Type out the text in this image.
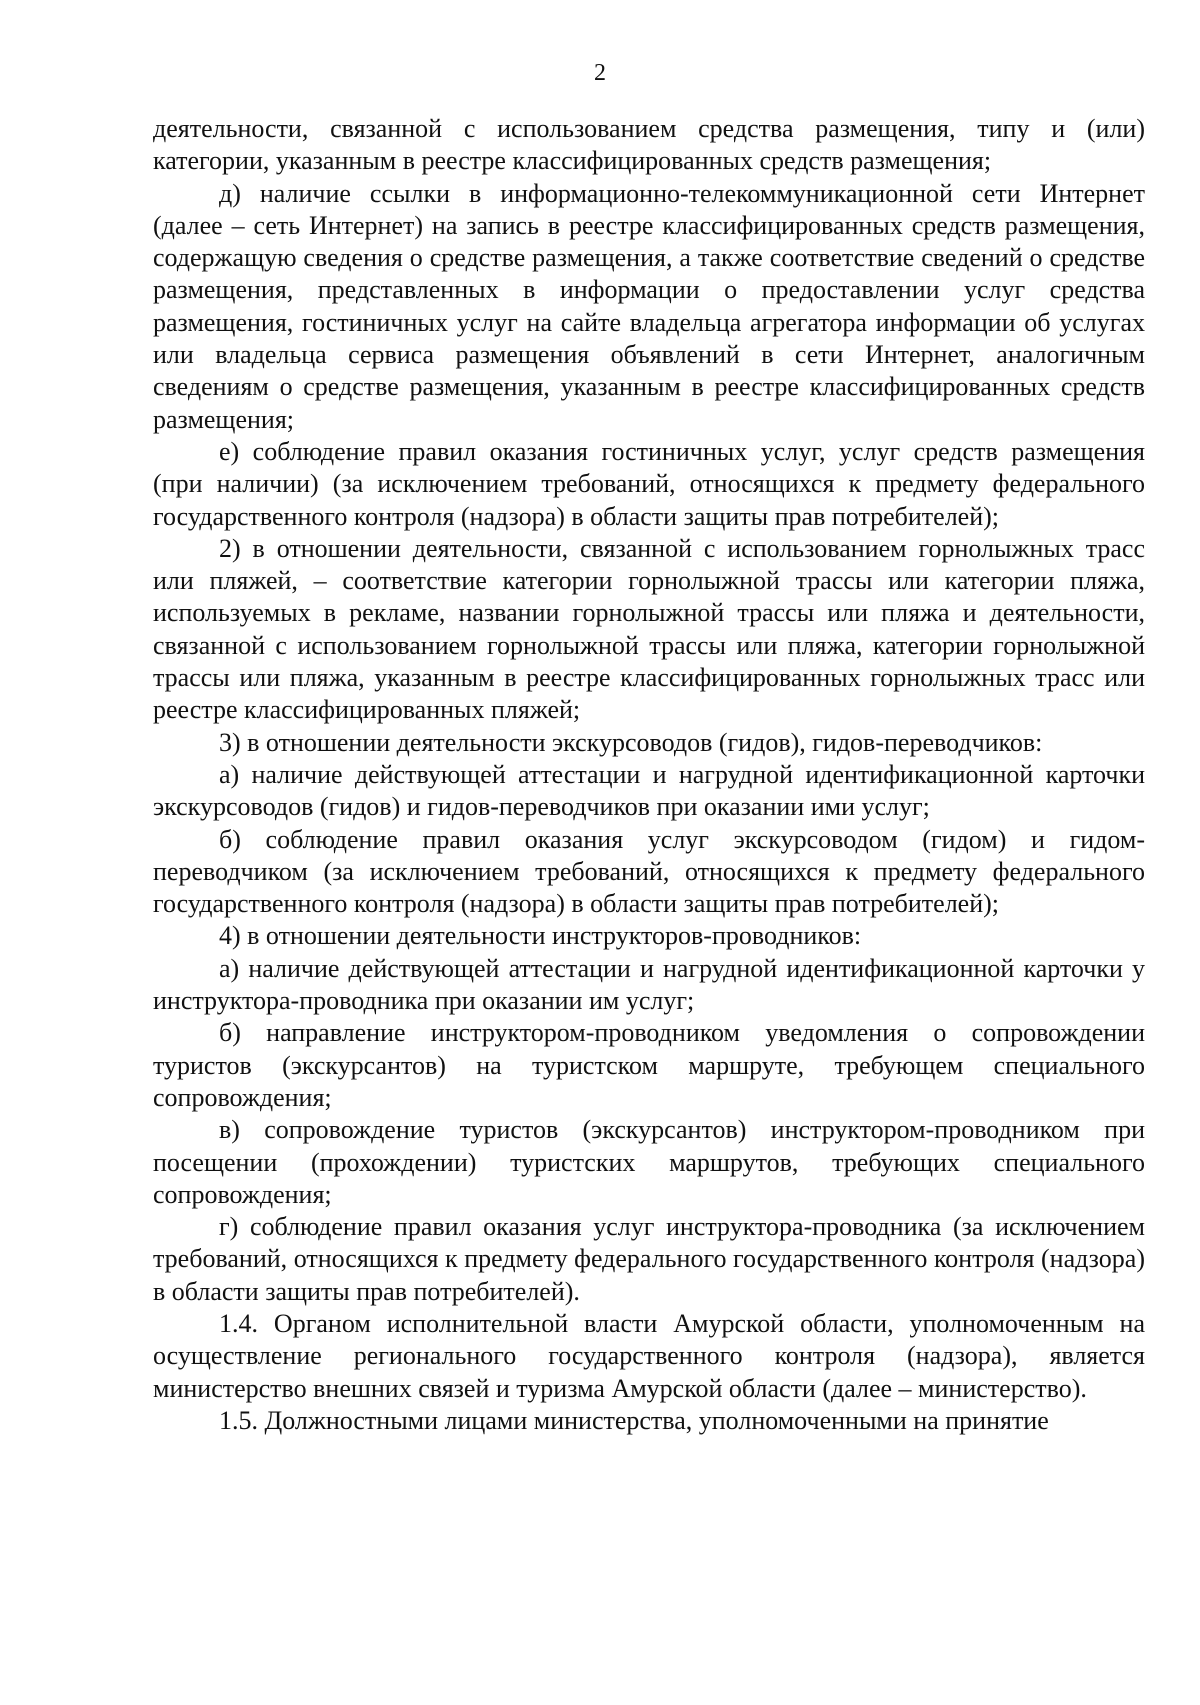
2

деятельности, связанной с использованием средства размещения, типу и (или) категории, указанным в реестре классифицированных средств размещения;

д) наличие ссылки в информационно-телекоммуникационной сети Интернет (далее – сеть Интернет) на запись в реестре классифицированных средств размещения, содержащую сведения о средстве размещения, а также соответствие сведений о средстве размещения, представленных в информации о предоставлении услуг средства размещения, гостиничных услуг на сайте владельца агрегатора информации об услугах или владельца сервиса размещения объявлений в сети Интернет, аналогичным сведениям о средстве размещения, указанным в реестре классифицированных средств размещения;

е) соблюдение правил оказания гостиничных услуг, услуг средств размещения (при наличии) (за исключением требований, относящихся к предмету федерального государственного контроля (надзора) в области защиты прав потребителей);

2) в отношении деятельности, связанной с использованием горнолыжных трасс или пляжей, – соответствие категории горнолыжной трассы или категории пляжа, используемых в рекламе, названии горнолыжной трассы или пляжа и деятельности, связанной с использованием горнолыжной трассы или пляжа, категории горнолыжной трассы или пляжа, указанным в реестре классифицированных горнолыжных трасс или реестре классифицированных пляжей;

3) в отношении деятельности экскурсоводов (гидов), гидов-переводчиков:

а) наличие действующей аттестации и нагрудной идентификационной карточки экскурсоводов (гидов) и гидов-переводчиков при оказании ими услуг;

б) соблюдение правил оказания услуг экскурсоводом (гидом) и гидом-переводчиком (за исключением требований, относящихся к предмету федерального государственного контроля (надзора) в области защиты прав потребителей);

4) в отношении деятельности инструкторов-проводников:

а) наличие действующей аттестации и нагрудной идентификационной карточки у инструктора-проводника при оказании им услуг;

б) направление инструктором-проводником уведомления о сопровождении туристов (экскурсантов) на туристском маршруте, требующем специального сопровождения;

в) сопровождение туристов (экскурсантов) инструктором-проводником при посещении (прохождении) туристских маршрутов, требующих специального сопровождения;

г) соблюдение правил оказания услуг инструктора-проводника (за исключением требований, относящихся к предмету федерального государственного контроля (надзора) в области защиты прав потребителей).

1.4. Органом исполнительной власти Амурской области, уполномоченным на осуществление регионального государственного контроля (надзора), является министерство внешних связей и туризма Амурской области (далее – министерство).

1.5. Должностными лицами министерства, уполномоченными на принятие
